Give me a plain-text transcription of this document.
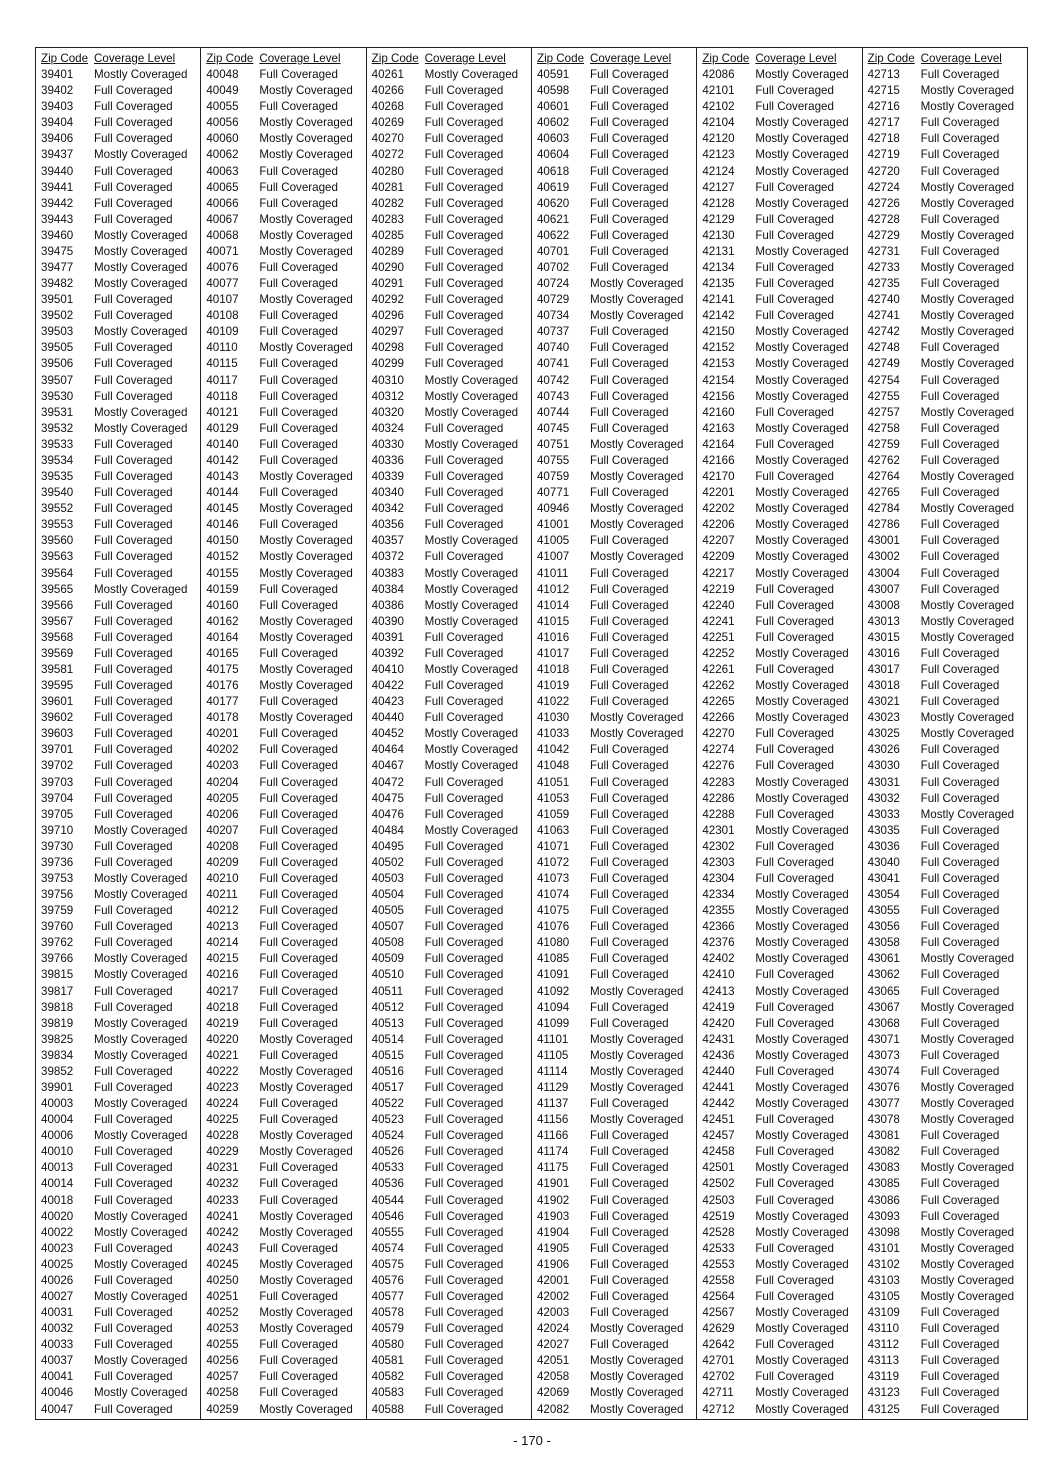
Zip Code Coverage Level
39401	Mostly Coveraged
39402	Full Coveraged
39403	Full Coveraged
39404	Full Coveraged
39406	Full Coveraged
39437	Mostly Coveraged
39440	Full Coveraged
39441	Full Coveraged
39442	Full Coveraged
39443	Full Coveraged
39460	Mostly Coveraged
39475	Mostly Coveraged
39477	Mostly Coveraged
39482	Mostly Coveraged
39501	Full Coveraged
39502	Full Coveraged
39503	Mostly Coveraged
39505	Full Coveraged
39506	Full Coveraged
39507	Full Coveraged
39530	Full Coveraged
39531	Mostly Coveraged
39532	Mostly Coveraged
39533	Full Coveraged
39534	Full Coveraged
39535	Full Coveraged
39540	Full Coveraged
39552	Full Coveraged
39553	Full Coveraged
39560	Full Coveraged
39563	Full Coveraged
39564	Full Coveraged
39565	Mostly Coveraged
39566	Full Coveraged
39567	Full Coveraged
39568	Full Coveraged
39569	Full Coveraged
39581	Full Coveraged
39595	Full Coveraged
39601	Full Coveraged
39602	Full Coveraged
39603	Full Coveraged
39701	Full Coveraged
39702	Full Coveraged
39703	Full Coveraged
39704	Full Coveraged
39705	Full Coveraged
39710	Mostly Coveraged
39730	Full Coveraged
39736	Full Coveraged
39753	Mostly Coveraged
39756	Mostly Coveraged
39759	Full Coveraged
39760	Full Coveraged
39762	Full Coveraged
39766	Mostly Coveraged
39815	Mostly Coveraged
39817	Full Coveraged
39818	Full Coveraged
39819	Mostly Coveraged
39825	Mostly Coveraged
39834	Mostly Coveraged
39852	Full Coveraged
39901	Full Coveraged
40003	Mostly Coveraged
40004	Full Coveraged
40006	Mostly Coveraged
40010	Full Coveraged
40013	Full Coveraged
40014	Full Coveraged
40018	Full Coveraged
40020	Mostly Coveraged
40022	Mostly Coveraged
40023	Full Coveraged
40025	Mostly Coveraged
40026	Full Coveraged
40027	Mostly Coveraged
40031	Full Coveraged
40032	Full Coveraged
40033	Full Coveraged
40037	Mostly Coveraged
40041	Full Coveraged
40046	Mostly Coveraged
40047	Full Coveraged
Zip Code Coverage Level
40048	Full Coveraged
40049	Mostly Coveraged
40055	Full Coveraged
40056	Mostly Coveraged
40060	Mostly Coveraged
40062	Mostly Coveraged
40063	Full Coveraged
40065	Full Coveraged
40066	Full Coveraged
40067	Mostly Coveraged
40068	Mostly Coveraged
40071	Mostly Coveraged
40076	Full Coveraged
40077	Full Coveraged
40107	Mostly Coveraged
40108	Full Coveraged
40109	Full Coveraged
40110	Mostly Coveraged
40115	Full Coveraged
40117	Full Coveraged
40118	Full Coveraged
40121	Full Coveraged
40129	Full Coveraged
40140	Full Coveraged
40142	Full Coveraged
40143	Mostly Coveraged
40144	Full Coveraged
40145	Mostly Coveraged
40146	Full Coveraged
40150	Mostly Coveraged
40152	Mostly Coveraged
40155	Mostly Coveraged
40159	Full Coveraged
40160	Full Coveraged
40162	Mostly Coveraged
40164	Mostly Coveraged
40165	Full Coveraged
40175	Mostly Coveraged
40176	Mostly Coveraged
40177	Full Coveraged
40178	Mostly Coveraged
40201	Full Coveraged
40202	Full Coveraged
40203	Full Coveraged
40204	Full Coveraged
40205	Full Coveraged
40206	Full Coveraged
40207	Full Coveraged
40208	Full Coveraged
40209	Full Coveraged
40210	Full Coveraged
40211	Full Coveraged
40212	Full Coveraged
40213	Full Coveraged
40214	Full Coveraged
40215	Full Coveraged
40216	Full Coveraged
40217	Full Coveraged
40218	Full Coveraged
40219	Full Coveraged
40220	Mostly Coveraged
40221	Full Coveraged
40222	Mostly Coveraged
40223	Mostly Coveraged
40224	Full Coveraged
40225	Full Coveraged
40228	Mostly Coveraged
40229	Mostly Coveraged
40231	Full Coveraged
40232	Full Coveraged
40233	Full Coveraged
40241	Mostly Coveraged
40242	Mostly Coveraged
40243	Full Coveraged
40245	Mostly Coveraged
40250	Mostly Coveraged
40251	Full Coveraged
40252	Mostly Coveraged
40253	Mostly Coveraged
40255	Full Coveraged
40256	Full Coveraged
40257	Full Coveraged
40258	Full Coveraged
40259	Mostly Coveraged
Zip Code Coverage Level
40261	Mostly Coveraged
40266	Full Coveraged
40268	Full Coveraged
40269	Full Coveraged
40270	Full Coveraged
40272	Full Coveraged
40280	Full Coveraged
40281	Full Coveraged
40282	Full Coveraged
40283	Full Coveraged
40285	Full Coveraged
40289	Full Coveraged
40290	Full Coveraged
40291	Full Coveraged
40292	Full Coveraged
40296	Full Coveraged
40297	Full Coveraged
40298	Full Coveraged
40299	Full Coveraged
40310	Mostly Coveraged
40312	Mostly Coveraged
40320	Mostly Coveraged
40324	Full Coveraged
40330	Mostly Coveraged
40336	Full Coveraged
40339	Full Coveraged
40340	Full Coveraged
40342	Full Coveraged
40356	Full Coveraged
40357	Mostly Coveraged
40372	Full Coveraged
40383	Mostly Coveraged
40384	Mostly Coveraged
40386	Mostly Coveraged
40390	Mostly Coveraged
40391	Full Coveraged
40392	Full Coveraged
40410	Mostly Coveraged
40422	Full Coveraged
40423	Full Coveraged
40440	Full Coveraged
40452	Mostly Coveraged
40464	Mostly Coveraged
40467	Mostly Coveraged
40472	Full Coveraged
40475	Full Coveraged
40476	Full Coveraged
40484	Mostly Coveraged
40495	Full Coveraged
40502	Full Coveraged
40503	Full Coveraged
40504	Full Coveraged
40505	Full Coveraged
40507	Full Coveraged
40508	Full Coveraged
40509	Full Coveraged
40510	Full Coveraged
40511	Full Coveraged
40512	Full Coveraged
40513	Full Coveraged
40514	Full Coveraged
40515	Full Coveraged
40516	Full Coveraged
40517	Full Coveraged
40522	Full Coveraged
40523	Full Coveraged
40524	Full Coveraged
40526	Full Coveraged
40533	Full Coveraged
40536	Full Coveraged
40544	Full Coveraged
40546	Full Coveraged
40555	Full Coveraged
40574	Full Coveraged
40575	Full Coveraged
40576	Full Coveraged
40577	Full Coveraged
40578	Full Coveraged
40579	Full Coveraged
40580	Full Coveraged
40581	Full Coveraged
40582	Full Coveraged
40583	Full Coveraged
40588	Full Coveraged
Zip Code Coverage Level
40591	Full Coveraged
40598	Full Coveraged
40601	Full Coveraged
40602	Full Coveraged
40603	Full Coveraged
40604	Full Coveraged
40618	Full Coveraged
40619	Full Coveraged
40620	Full Coveraged
40621	Full Coveraged
40622	Full Coveraged
40701	Full Coveraged
40702	Full Coveraged
40724	Mostly Coveraged
40729	Mostly Coveraged
40734	Mostly Coveraged
40737	Full Coveraged
40740	Full Coveraged
40741	Full Coveraged
40742	Full Coveraged
40743	Full Coveraged
40744	Full Coveraged
40745	Full Coveraged
40751	Mostly Coveraged
40755	Full Coveraged
40759	Mostly Coveraged
40771	Full Coveraged
40946	Mostly Coveraged
41001	Mostly Coveraged
41005	Full Coveraged
41007	Mostly Coveraged
41011	Full Coveraged
41012	Full Coveraged
41014	Full Coveraged
41015	Full Coveraged
41016	Full Coveraged
41017	Full Coveraged
41018	Full Coveraged
41019	Full Coveraged
41022	Full Coveraged
41030	Mostly Coveraged
41033	Mostly Coveraged
41042	Full Coveraged
41048	Full Coveraged
41051	Full Coveraged
41053	Full Coveraged
41059	Full Coveraged
41063	Full Coveraged
41071	Full Coveraged
41072	Full Coveraged
41073	Full Coveraged
41074	Full Coveraged
41075	Full Coveraged
41076	Full Coveraged
41080	Full Coveraged
41085	Full Coveraged
41091	Full Coveraged
41092	Mostly Coveraged
41094	Full Coveraged
41099	Full Coveraged
41101	Mostly Coveraged
41105	Mostly Coveraged
41114	Mostly Coveraged
41129	Mostly Coveraged
41137	Full Coveraged
41156	Mostly Coveraged
41166	Full Coveraged
41174	Full Coveraged
41175	Full Coveraged
41901	Full Coveraged
41902	Full Coveraged
41903	Full Coveraged
41904	Full Coveraged
41905	Full Coveraged
41906	Full Coveraged
42001	Full Coveraged
42002	Full Coveraged
42003	Full Coveraged
42024	Mostly Coveraged
42027	Full Coveraged
42051	Mostly Coveraged
42058	Mostly Coveraged
42069	Mostly Coveraged
42082	Mostly Coveraged
Zip Code Coverage Level
42086	Mostly Coveraged
42101	Full Coveraged
42102	Full Coveraged
42104	Mostly Coveraged
42120	Mostly Coveraged
42123	Mostly Coveraged
42124	Mostly Coveraged
42127	Full Coveraged
42128	Mostly Coveraged
42129	Full Coveraged
42130	Full Coveraged
42131	Mostly Coveraged
42134	Full Coveraged
42135	Full Coveraged
42141	Full Coveraged
42142	Full Coveraged
42150	Mostly Coveraged
42152	Mostly Coveraged
42153	Mostly Coveraged
42154	Mostly Coveraged
42156	Mostly Coveraged
42160	Full Coveraged
42163	Mostly Coveraged
42164	Full Coveraged
42166	Mostly Coveraged
42170	Full Coveraged
42201	Mostly Coveraged
42202	Mostly Coveraged
42206	Mostly Coveraged
42207	Mostly Coveraged
42209	Mostly Coveraged
42217	Mostly Coveraged
42219	Full Coveraged
42240	Full Coveraged
42241	Full Coveraged
42251	Full Coveraged
42252	Mostly Coveraged
42261	Full Coveraged
42262	Mostly Coveraged
42265	Mostly Coveraged
42266	Mostly Coveraged
42270	Full Coveraged
42274	Full Coveraged
42276	Full Coveraged
42283	Mostly Coveraged
42286	Mostly Coveraged
42288	Full Coveraged
42301	Mostly Coveraged
42302	Full Coveraged
42303	Full Coveraged
42304	Full Coveraged
42334	Mostly Coveraged
42355	Mostly Coveraged
42366	Mostly Coveraged
42376	Mostly Coveraged
42402	Mostly Coveraged
42410	Full Coveraged
42413	Mostly Coveraged
42419	Full Coveraged
42420	Full Coveraged
42431	Mostly Coveraged
42436	Mostly Coveraged
42440	Full Coveraged
42441	Mostly Coveraged
42442	Mostly Coveraged
42451	Full Coveraged
42457	Mostly Coveraged
42458	Full Coveraged
42501	Mostly Coveraged
42502	Full Coveraged
42503	Full Coveraged
42519	Mostly Coveraged
42528	Mostly Coveraged
42533	Full Coveraged
42553	Mostly Coveraged
42558	Full Coveraged
42564	Full Coveraged
42567	Mostly Coveraged
42629	Mostly Coveraged
42642	Full Coveraged
42701	Mostly Coveraged
42702	Full Coveraged
42711	Mostly Coveraged
42712	Mostly Coveraged
Zip Code Coverage Level
42713	Full Coveraged
42715	Mostly Coveraged
42716	Mostly Coveraged
42717	Full Coveraged
42718	Full Coveraged
42719	Full Coveraged
42720	Full Coveraged
42724	Mostly Coveraged
42726	Mostly Coveraged
42728	Full Coveraged
42729	Mostly Coveraged
42731	Full Coveraged
42733	Mostly Coveraged
42735	Full Coveraged
42740	Mostly Coveraged
42741	Mostly Coveraged
42742	Mostly Coveraged
42748	Full Coveraged
42749	Mostly Coveraged
42754	Full Coveraged
42755	Full Coveraged
42757	Mostly Coveraged
42758	Full Coveraged
42759	Full Coveraged
42762	Full Coveraged
42764	Mostly Coveraged
42765	Full Coveraged
42784	Mostly Coveraged
42786	Full Coveraged
43001	Full Coveraged
43002	Full Coveraged
43004	Full Coveraged
43007	Full Coveraged
43008	Mostly Coveraged
43013	Mostly Coveraged
43015	Mostly Coveraged
43016	Full Coveraged
43017	Full Coveraged
43018	Full Coveraged
43021	Full Coveraged
43023	Mostly Coveraged
43025	Mostly Coveraged
43026	Full Coveraged
43030	Full Coveraged
43031	Full Coveraged
43032	Full Coveraged
43033	Mostly Coveraged
43035	Full Coveraged
43036	Full Coveraged
43040	Full Coveraged
43041	Full Coveraged
43054	Full Coveraged
43055	Full Coveraged
43056	Full Coveraged
43058	Full Coveraged
43061	Mostly Coveraged
43062	Full Coveraged
43065	Full Coveraged
43067	Mostly Coveraged
43068	Full Coveraged
43071	Mostly Coveraged
43073	Full Coveraged
43074	Full Coveraged
43076	Mostly Coveraged
43077	Mostly Coveraged
43078	Mostly Coveraged
43081	Full Coveraged
43082	Full Coveraged
43083	Mostly Coveraged
43085	Full Coveraged
43086	Full Coveraged
43093	Full Coveraged
43098	Mostly Coveraged
43101	Mostly Coveraged
43102	Mostly Coveraged
43103	Mostly Coveraged
43105	Mostly Coveraged
43109	Full Coveraged
43110	Full Coveraged
43112	Full Coveraged
43113	Full Coveraged
43119	Full Coveraged
43123	Full Coveraged
43125	Full Coveraged
- 170 -
